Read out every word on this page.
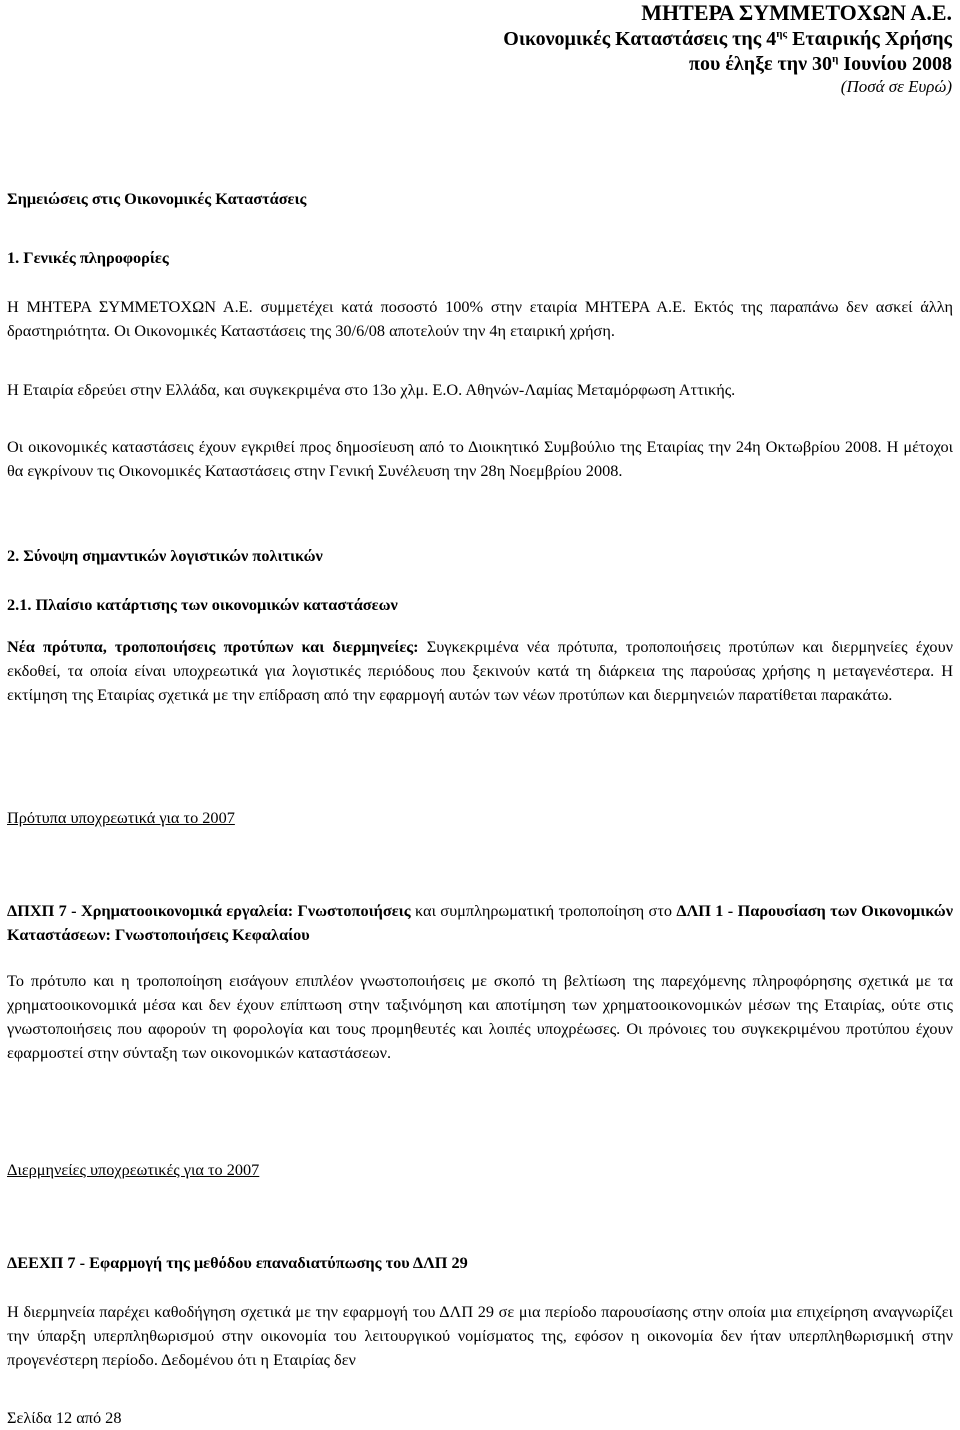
ΜΗΤΕΡΑ ΣΥΜΜΕΤΟΧΩΝ Α.Ε.
Οικονομικές Καταστάσεις της $4^{\eta\varsigma}$ Εταιρικής Χρήσης
που έληξε την $30^\eta$ Ιουνίου 2008
(Ποσά σε Ευρώ)
Σημειώσεις στις Οικονομικές Καταστάσεις
1. Γενικές πληροφορίες
Η ΜΗΤΕΡΑ ΣΥΜΜΕΤΟΧΩΝ Α.Ε. συμμετέχει κατά ποσοστό 100% στην εταιρία ΜΗΤΕΡΑ Α.Ε. Εκτός της παραπάνω δεν ασκεί άλλη δραστηριότητα. Οι Οικονομικές Καταστάσεις της 30/6/08 αποτελούν την 4η εταιρική χρήση.
Η Εταιρία εδρεύει στην Ελλάδα, και συγκεκριμένα στο 13ο χλμ. Ε.Ο. Αθηνών-Λαμίας Μεταμόρφωση Αττικής.
Οι οικονομικές καταστάσεις έχουν εγκριθεί προς δημοσίευση από το Διοικητικό Συμβούλιο της Εταιρίας την 24η Οκτωβρίου 2008. Η μέτοχοι θα εγκρίνουν τις Οικονομικές Καταστάσεις στην Γενική Συνέλευση την 28η Νοεμβρίου 2008.
2. Σύνοψη σημαντικών λογιστικών πολιτικών
2.1. Πλαίσιο κατάρτισης των οικονομικών καταστάσεων
Νέα πρότυπα, τροποποιήσεις προτύπων και διερμηνείες: Συγκεκριμένα νέα πρότυπα, τροποποιήσεις προτύπων και διερμηνείες έχουν εκδοθεί, τα οποία είναι υποχρεωτικά για λογιστικές περιόδους που ξεκινούν κατά τη διάρκεια της παρούσας χρήσης η μεταγενέστερα. Η εκτίμηση της Εταιρίας σχετικά με την επίδραση από την εφαρμογή αυτών των νέων προτύπων και διερμηνειών παρατίθεται παρακάτω.
Πρότυπα υποχρεωτικά για το 2007
ΔΠΧΠ 7 - Χρηματοοικονομικά εργαλεία: Γνωστοποιήσεις και συμπληρωματική τροποποίηση στο ΔΛΠ 1 - Παρουσίαση των Οικονομικών Καταστάσεων: Γνωστοποιήσεις Κεφαλαίου
Το πρότυπο και η τροποποίηση εισάγουν επιπλέον γνωστοποιήσεις με σκοπό τη βελτίωση της παρεχόμενης πληροφόρησης σχετικά με τα χρηματοοικονομικά μέσα και δεν έχουν επίπτωση στην ταξινόμηση και αποτίμηση των χρηματοοικονομικών μέσων της Εταιρίας, ούτε στις γνωστοποιήσεις που αφορούν τη φορολογία και τους προμηθευτές και λοιπές υποχρέωσες. Οι πρόνοιες του συγκεκριμένου προτύπου έχουν εφαρμοστεί στην σύνταξη των οικονομικών καταστάσεων.
Διερμηνείες υποχρεωτικές για το 2007
ΔΕΕΧΠ 7 - Εφαρμογή της μεθόδου επαναδιατύπωσης του ΔΛΠ 29
Η διερμηνεία παρέχει καθοδήγηση σχετικά με την εφαρμογή του ΔΛΠ 29 σε μια περίοδο παρουσίασης στην οποία μια επιχείρηση αναγνωρίζει την ύπαρξη υπερπληθωρισμού στην οικονομία του λειτουργικού νομίσματος της, εφόσον η οικονομία δεν ήταν υπερπληθωρισμική στην προγενέστερη περίοδο. Δεδομένου ότι η Εταιρίας δεν
Σελίδα 12 από 28
